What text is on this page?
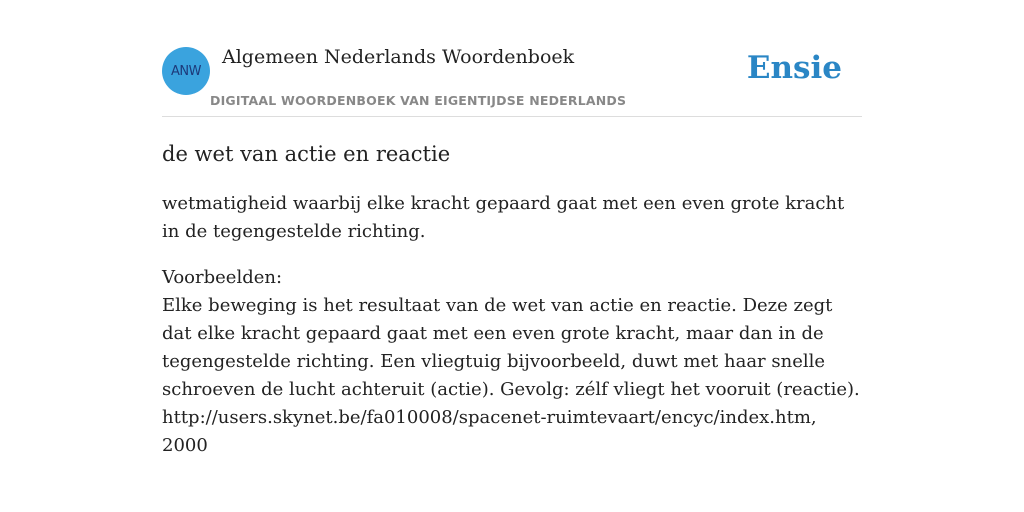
ANW
Algemeen Nederlands Woordenboek
DIGITAAL WOORDENBOEK VAN EIGENTIJDSE NEDERLANDS
Ensie
de wet van actie en reactie

wetmatigheid waarbij elke kracht gepaard gaat met een even grote kracht in de tegengestelde richting.

Voorbeelden:
Elke beweging is het resultaat van de wet van actie en reactie. Deze zegt dat elke kracht gepaard gaat met een even grote kracht, maar dan in de tegengestelde richting. Een vliegtuig bijvoorbeeld, duwt met haar snelle schroeven de lucht achteruit (actie). Gevolg: zélf vliegt het vooruit (reactie).
http://users.skynet.be/fa010008/spacenet-ruimtevaart/encyc/index.htm, 2000
